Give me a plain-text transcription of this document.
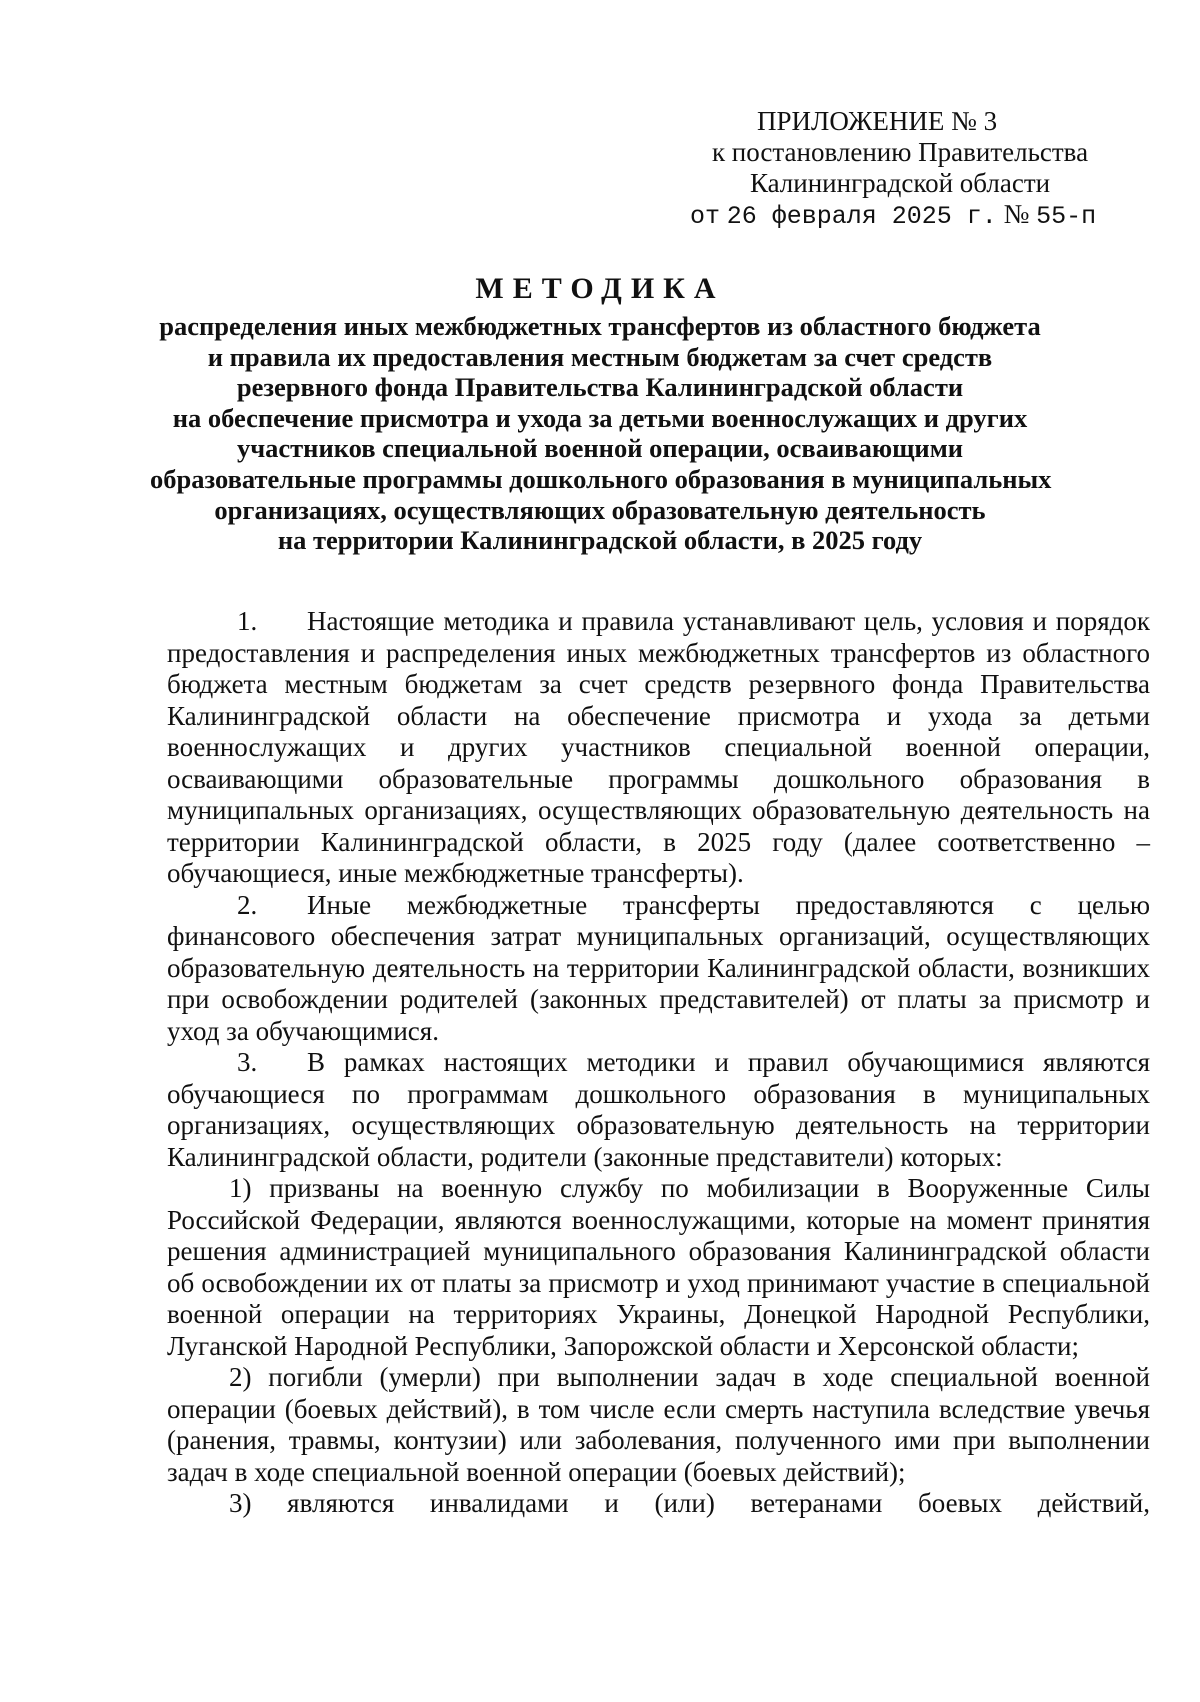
ПРИЛОЖЕНИЕ № 3
к постановлению Правительства
Калининградской области
от 26 февраля 2025 г. № 55-п
МЕТОДИКА
распределения иных межбюджетных трансфертов из областного бюджета
и правила их предоставления местным бюджетам за счет средств
резервного фонда Правительства Калининградской области
на обеспечение присмотра и ухода за детьми военнослужащих и других
участников специальной военной операции, осваивающими
образовательные программы дошкольного образования в муниципальных
организациях, осуществляющих образовательную деятельность
на территории Калининградской области, в 2025 году

1. Настоящие методика и правила устанавливают цель, условия и порядок предоставления и распределения иных межбюджетных трансфертов из областного бюджета местным бюджетам за счет средств резервного фонда Правительства Калининградской области на обеспечение присмотра и ухода за детьми военнослужащих и других участников специальной военной операции, осваивающими образовательные программы дошкольного образования в муниципальных организациях, осуществляющих образовательную деятельность на территории Калининградской области, в 2025 году (далее соответственно – обучающиеся, иные межбюджетные трансферты).

2. Иные межбюджетные трансферты предоставляются с целью финансового обеспечения затрат муниципальных организаций, осуществляющих образовательную деятельность на территории Калининградской области, возникших при освобождении родителей (законных представителей) от платы за присмотр и уход за обучающимися.

3. В рамках настоящих методики и правил обучающимися являются обучающиеся по программам дошкольного образования в муниципальных организациях, осуществляющих образовательную деятельность на территории Калининградской области, родители (законные представители) которых:

1) призваны на военную службу по мобилизации в Вооруженные Силы Российской Федерации, являются военнослужащими, которые на момент принятия решения администрацией муниципального образования Калининградской области об освобождении их от платы за присмотр и уход принимают участие в специальной военной операции на территориях Украины, Донецкой Народной Республики, Луганской Народной Республики, Запорожской области и Херсонской области;

2) погибли (умерли) при выполнении задач в ходе специальной военной операции (боевых действий), в том числе если смерть наступила вследствие увечья (ранения, травмы, контузии) или заболевания, полученного ими при выполнении задач в ходе специальной военной операции (боевых действий);

3) являются инвалидами и (или) ветеранами боевых действий,
